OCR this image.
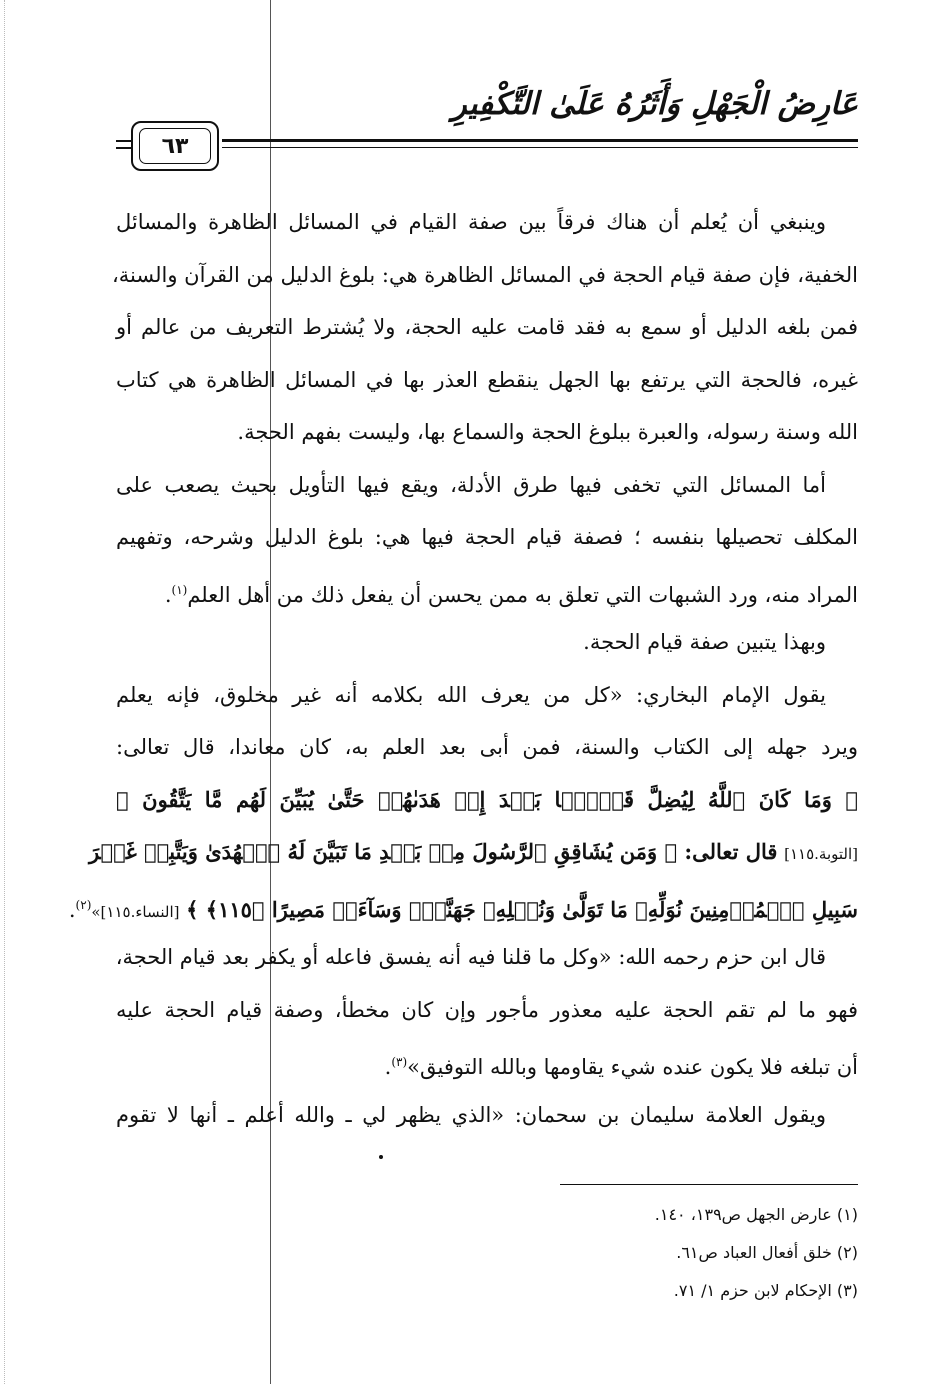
عَارِضُ الْجَهْلِ وَأَثَرُهُ عَلَىٰ التَّكْفِيرِ
٦٣
وينبغي أن يُعلم أن هناك فرقاً بين صفة القيام في المسائل الظاهرة والمسائل
الخفية، فإن صفة قيام الحجة في المسائل الظاهرة هي: بلوغ الدليل من القرآن والسنة،
فمن بلغه الدليل أو سمع به فقد قامت عليه الحجة، ولا يُشترط التعريف من عالم أو
غيره، فالحجة التي يرتفع بها الجهل ينقطع العذر بها في المسائل الظاهرة هي كتاب
الله وسنة رسوله، والعبرة ببلوغ الحجة والسماع بها، وليست بفهم الحجة.
أما المسائل التي تخفى فيها طرق الأدلة، ويقع فيها التأويل بحيث يصعب على
المكلف تحصيلها بنفسه ؛ فصفة قيام الحجة فيها هي: بلوغ الدليل وشرحه، وتفهيم
المراد منه، ورد الشبهات التي تعلق به ممن يحسن أن يفعل ذلك من أهل العلم$^{(١)}$.
وبهذا يتبين صفة قيام الحجة.
يقول الإمام البخاري: «كل من يعرف الله بكلامه أنه غير مخلوق، فإنه يعلم
ويرد جهله إلى الكتاب والسنة، فمن أبى بعد العلم به، كان معاندا، قال تعالى:
﴿ وَمَا كَانَ ٱللَّهُ لِيُضِلَّ قَوۡمَۢا بَعۡدَ إِذۡ هَدَىٰهُمۡ حَتَّىٰ يُبَيِّنَ لَهُم مَّا يَتَّقُونَ ﴾
[التوبة.١١٥] قال تعالى: ﴿ وَمَن يُشَاقِقِ ٱلرَّسُولَ مِنۢ بَعۡدِ مَا تَبَيَّنَ لَهُ ٱلۡهُدَىٰ وَيَتَّبِعۡ غَيۡرَ
سَبِيلِ ٱلۡمُؤۡمِنِينَ نُوَلِّهِۦ مَا تَوَلَّىٰ وَنُصۡلِهِۦ جَهَنَّمَۖ وَسَآءَتۡ مَصِيرًا ﴿١١٥﴾ ﴾ [النساء.١١٥]»$^{(٢)}$.
قال ابن حزم رحمه الله: «وكل ما قلنا فيه أنه يفسق فاعله أو يكفر بعد قيام الحجة،
فهو ما لم تقم الحجة عليه معذور مأجور وإن كان مخطأ، وصفة قيام الحجة عليه
أن تبلغه فلا يكون عنده شيء يقاومها وبالله التوفيق»$^{(٣)}$.
ويقول العلامة سليمان بن سحمان: «الذي يظهر لي ـ والله أعلم ـ أنها لا تقوم
(١) عارض الجهل ص١٣٩، ١٤٠.
(٢) خلق أفعال العباد ص٦١.
(٣) الإحكام لابن حزم ١/ ٧١.
